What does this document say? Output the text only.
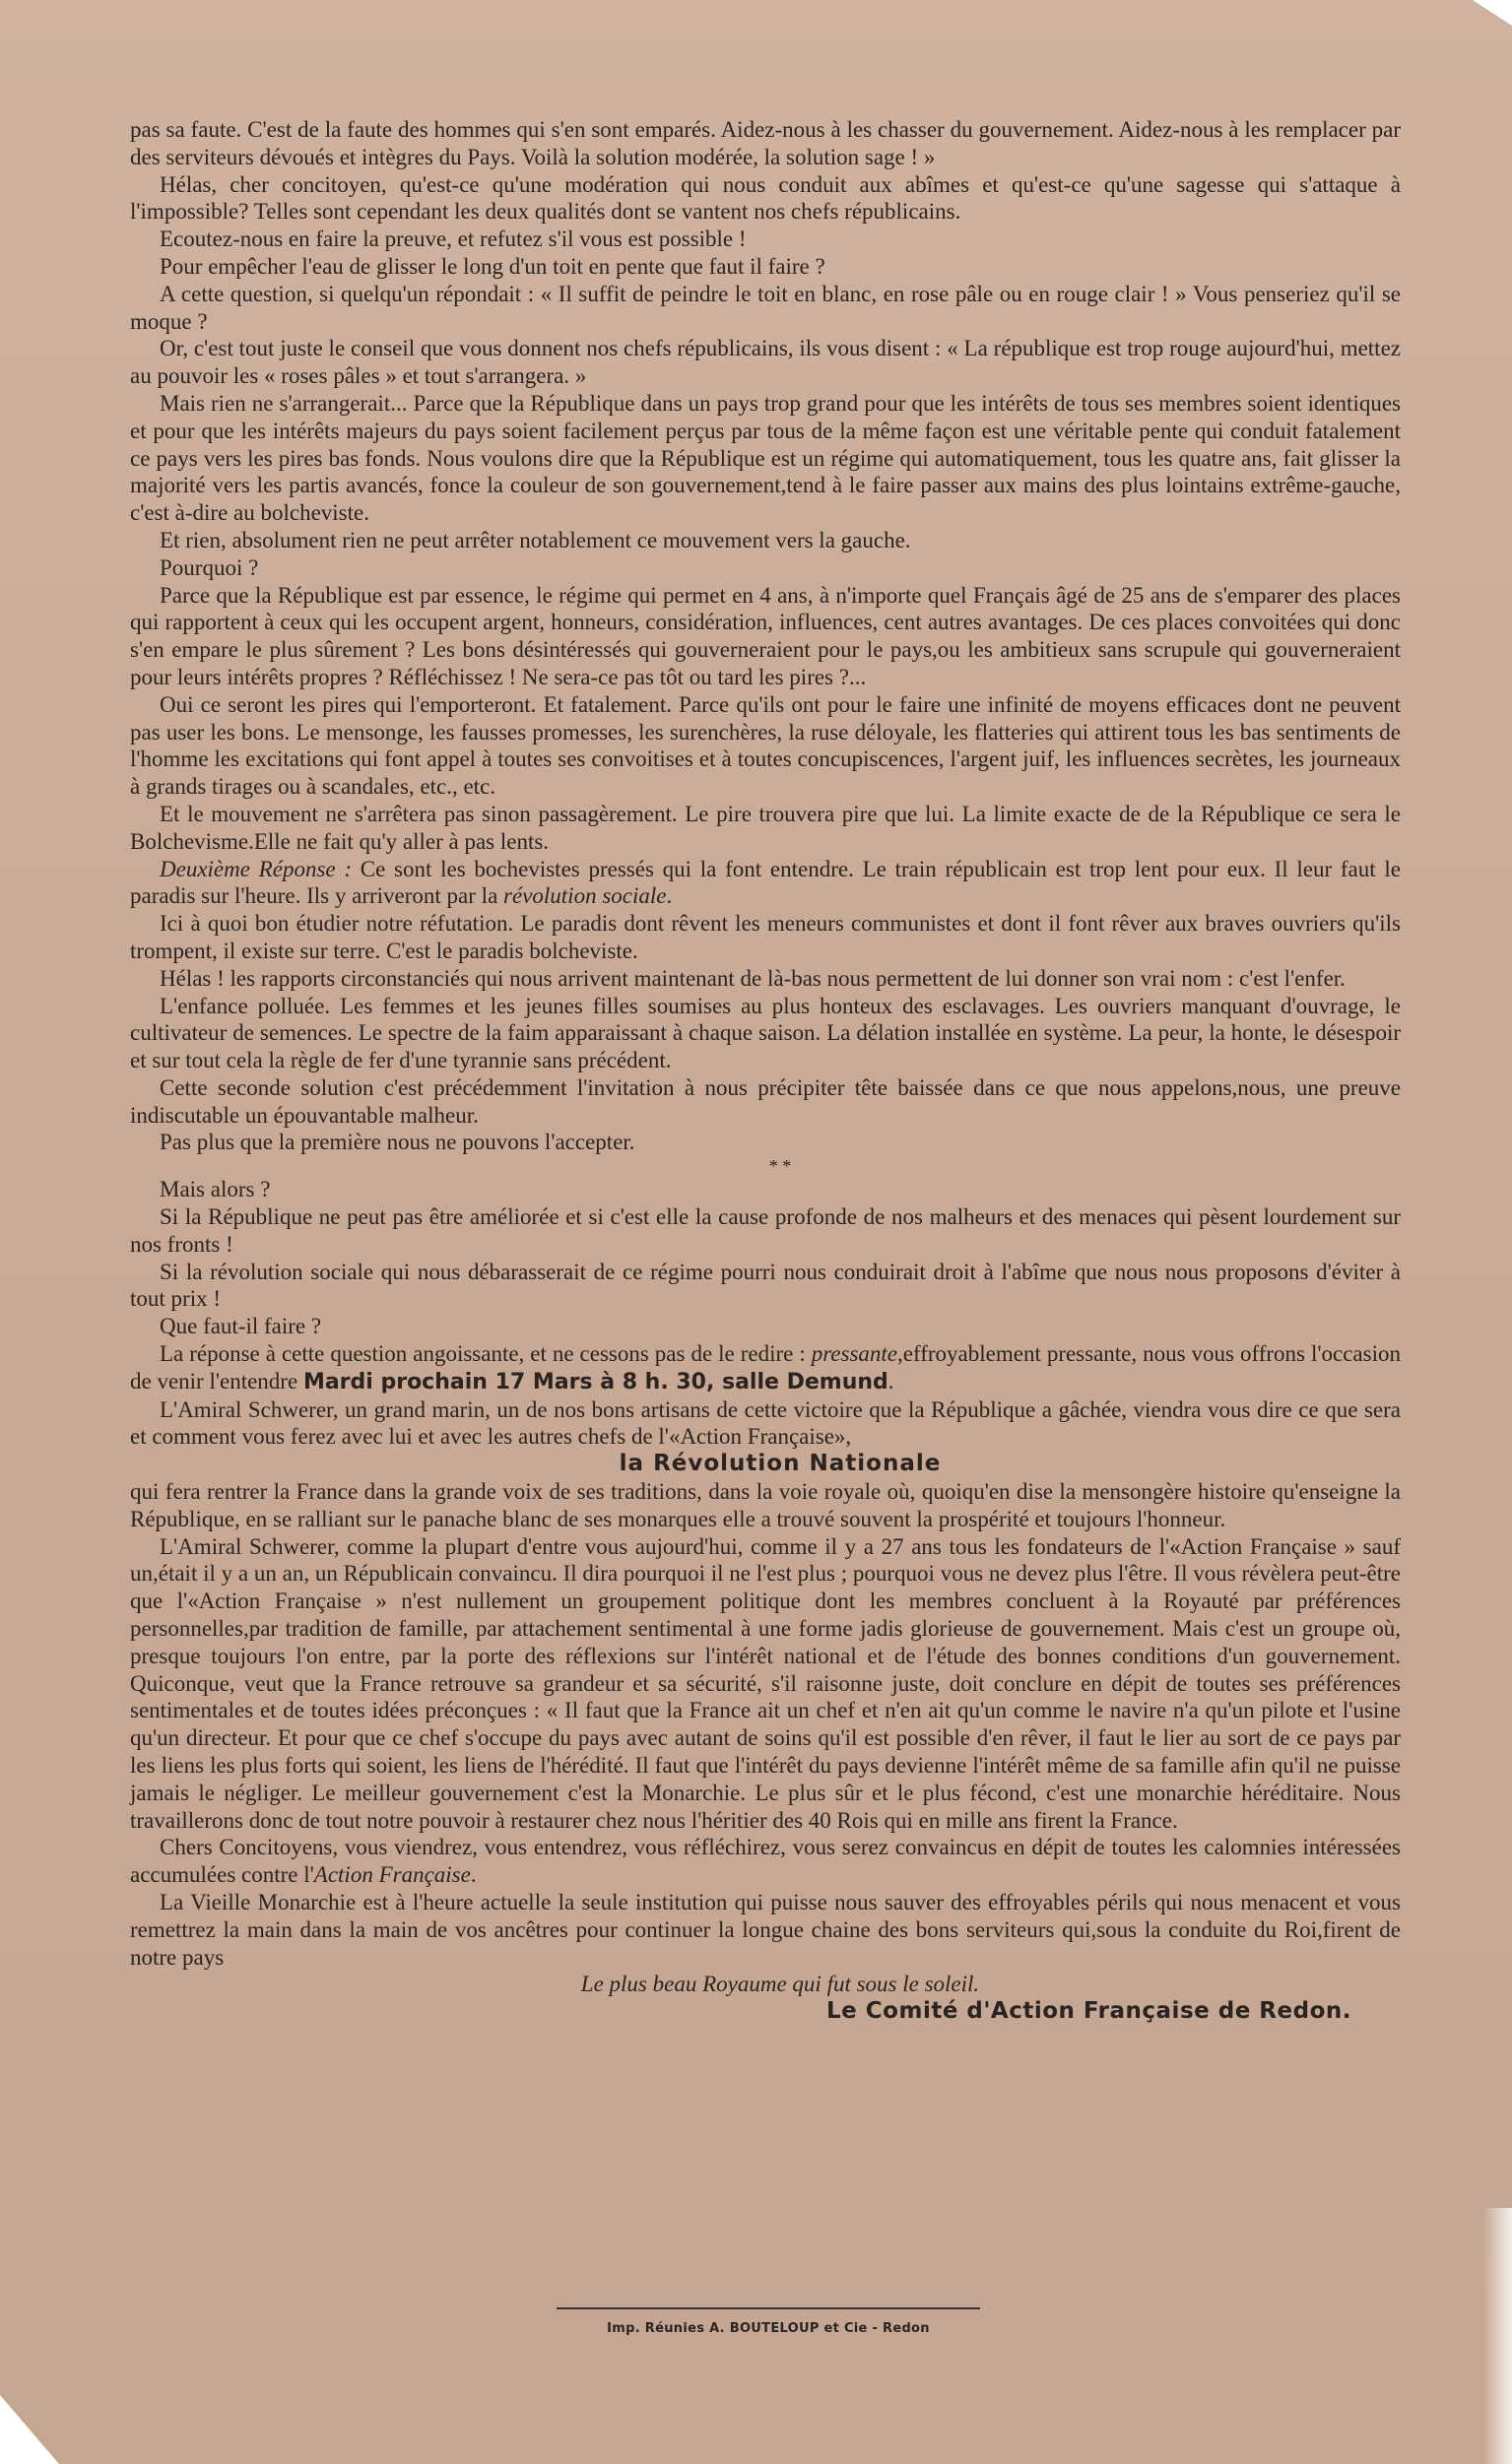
pas sa faute. C'est de la faute des hommes qui s'en sont emparés. Aidez-nous à les chasser du gouvernement. Aidez-nous à les remplacer par des serviteurs dévoués et intègres du Pays. Voilà la solution modérée, la solution sage ! »

Hélas, cher concitoyen, qu'est-ce qu'une modération qui nous conduit aux abîmes et qu'est-ce qu'une sagesse qui s'attaque à l'impossible? Telles sont cependant les deux qualités dont se vantent nos chefs républicains.

Ecoutez-nous en faire la preuve, et refutez s'il vous est possible !

Pour empêcher l'eau de glisser le long d'un toit en pente que faut il faire ?

A cette question, si quelqu'un répondait : « Il suffit de peindre le toit en blanc, en rose pâle ou en rouge clair ! » Vous penseriez qu'il se moque ?

Or, c'est tout juste le conseil que vous donnent nos chefs républicains, ils vous disent : « La république est trop rouge aujourd'hui, mettez au pouvoir les « roses pâles » et tout s'arrangera. »

Mais rien ne s'arrangerait... Parce que la République dans un pays trop grand pour que les intérêts de tous ses membres soient identiques et pour que les intérêts majeurs du pays soient facilement perçus par tous de la même façon est une véritable pente qui conduit fatalement ce pays vers les pires bas fonds. Nous voulons dire que la République est un régime qui automatiquement, tous les quatre ans, fait glisser la majorité vers les partis avancés, fonce la couleur de son gouvernement,tend à le faire passer aux mains des plus lointains extrême-gauche, c'est à-dire au bolcheviste.

Et rien, absolument rien ne peut arrêter notablement ce mouvement vers la gauche.

Pourquoi ?

Parce que la République est par essence, le régime qui permet en 4 ans, à n'importe quel Français âgé de 25 ans de s'emparer des places qui rapportent à ceux qui les occupent argent, honneurs, considération, influences, cent autres avantages. De ces places convoitées qui donc s'en empare le plus sûrement ? Les bons désintéressés qui gouverneraient pour le pays,ou les ambitieux sans scrupule qui gouverneraient pour leurs intérêts propres ? Réfléchissez ! Ne sera-ce pas tôt ou tard les pires ?...

Oui ce seront les pires qui l'emporteront. Et fatalement. Parce qu'ils ont pour le faire une infinité de moyens efficaces dont ne peuvent pas user les bons. Le mensonge, les fausses promesses, les surenchères, la ruse déloyale, les flatteries qui attirent tous les bas sentiments de l'homme les excitations qui font appel à toutes ses convoitises et à toutes concupiscences, l'argent juif, les influences secrètes, les journeaux à grands tirages ou à scandales, etc., etc.

Et le mouvement ne s'arrêtera pas sinon passagèrement. Le pire trouvera pire que lui. La limite exacte de de la République ce sera le Bolchevisme.Elle ne fait qu'y aller à pas lents.

Deuxième Réponse : Ce sont les bochevistes pressés qui la font entendre. Le train républicain est trop lent pour eux. Il leur faut le paradis sur l'heure. Ils y arriveront par la révolution sociale.

Ici à quoi bon étudier notre réfutation. Le paradis dont rêvent les meneurs communistes et dont il font rêver aux braves ouvriers qu'ils trompent, il existe sur terre. C'est le paradis bolcheviste.

Hélas ! les rapports circonstanciés qui nous arrivent maintenant de là-bas nous permettent de lui donner son vrai nom : c'est l'enfer.

L'enfance polluée. Les femmes et les jeunes filles soumises au plus honteux des esclavages. Les ouvriers manquant d'ouvrage, le cultivateur de semences. Le spectre de la faim apparaissant à chaque saison. La délation installée en système. La peur, la honte, le désespoir et sur tout cela la règle de fer d'une tyrannie sans précédent.

Cette seconde solution c'est précédemment l'invitation à nous précipiter tête baissée dans ce que nous appelons,nous, une preuve indiscutable un épouvantable malheur.

Pas plus que la première nous ne pouvons l'accepter.

* *

Mais alors ?

Si la République ne peut pas être améliorée et si c'est elle la cause profonde de nos malheurs et des menaces qui pèsent lourdement sur nos fronts !

Si la révolution sociale qui nous débarasserait de ce régime pourri nous conduirait droit à l'abîme que nous nous proposons d'éviter à tout prix !

Que faut-il faire ?

La réponse à cette question angoissante, et ne cessons pas de le redire : pressante,effroyablement pressante, nous vous offrons l'occasion de venir l'entendre Mardi prochain 17 Mars à 8 h. 30, salle Demund.

L'Amiral Schwerer, un grand marin, un de nos bons artisans de cette victoire que la République a gâchée, viendra vous dire ce que sera et comment vous ferez avec lui et avec les autres chefs de l'«Action Française»,

la Révolution Nationale

qui fera rentrer la France dans la grande voix de ses traditions, dans la voie royale où, quoiqu'en dise la mensongère histoire qu'enseigne la République, en se ralliant sur le panache blanc de ses monarques elle a trouvé souvent la prospérité et toujours l'honneur.

L'Amiral Schwerer, comme la plupart d'entre vous aujourd'hui, comme il y a 27 ans tous les fondateurs de l'«Action Française » sauf un,était il y a un an, un Républicain convaincu. Il dira pourquoi il ne l'est plus ; pourquoi vous ne devez plus l'être. Il vous révèlera peut-être que l'«Action Française » n'est nullement un groupement politique dont les membres concluent à la Royauté par préférences personnelles,par tradition de famille, par attachement sentimental à une forme jadis glorieuse de gouvernement. Mais c'est un groupe où, presque toujours l'on entre, par la porte des réflexions sur l'intérêt national et de l'étude des bonnes conditions d'un gouvernement. Quiconque, veut que la France retrouve sa grandeur et sa sécurité, s'il raisonne juste, doit conclure en dépit de toutes ses préférences sentimentales et de toutes idées préconçues : « Il faut que la France ait un chef et n'en ait qu'un comme le navire n'a qu'un pilote et l'usine qu'un directeur. Et pour que ce chef s'occupe du pays avec autant de soins qu'il est possible d'en rêver, il faut le lier au sort de ce pays par les liens les plus forts qui soient, les liens de l'hérédité. Il faut que l'intérêt du pays devienne l'intérêt même de sa famille afin qu'il ne puisse jamais le négliger. Le meilleur gouvernement c'est la Monarchie. Le plus sûr et le plus fécond, c'est une monarchie héréditaire. Nous travaillerons donc de tout notre pouvoir à restaurer chez nous l'héritier des 40 Rois qui en mille ans firent la France.

Chers Concitoyens, vous viendrez, vous entendrez, vous réfléchirez, vous serez convaincus en dépit de toutes les calomnies intéressées accumulées contre l'Action Française.

La Vieille Monarchie est à l'heure actuelle la seule institution qui puisse nous sauver des effroyables périls qui nous menacent et vous remettrez la main dans la main de vos ancêtres pour continuer la longue chaine des bons serviteurs qui,sous la conduite du Roi,firent de notre pays

Le plus beau Royaume qui fut sous le soleil.

Le Comité d'Action Française de Redon.

Imp. Réunies A. BOUTELOUP et Cie - Redon
